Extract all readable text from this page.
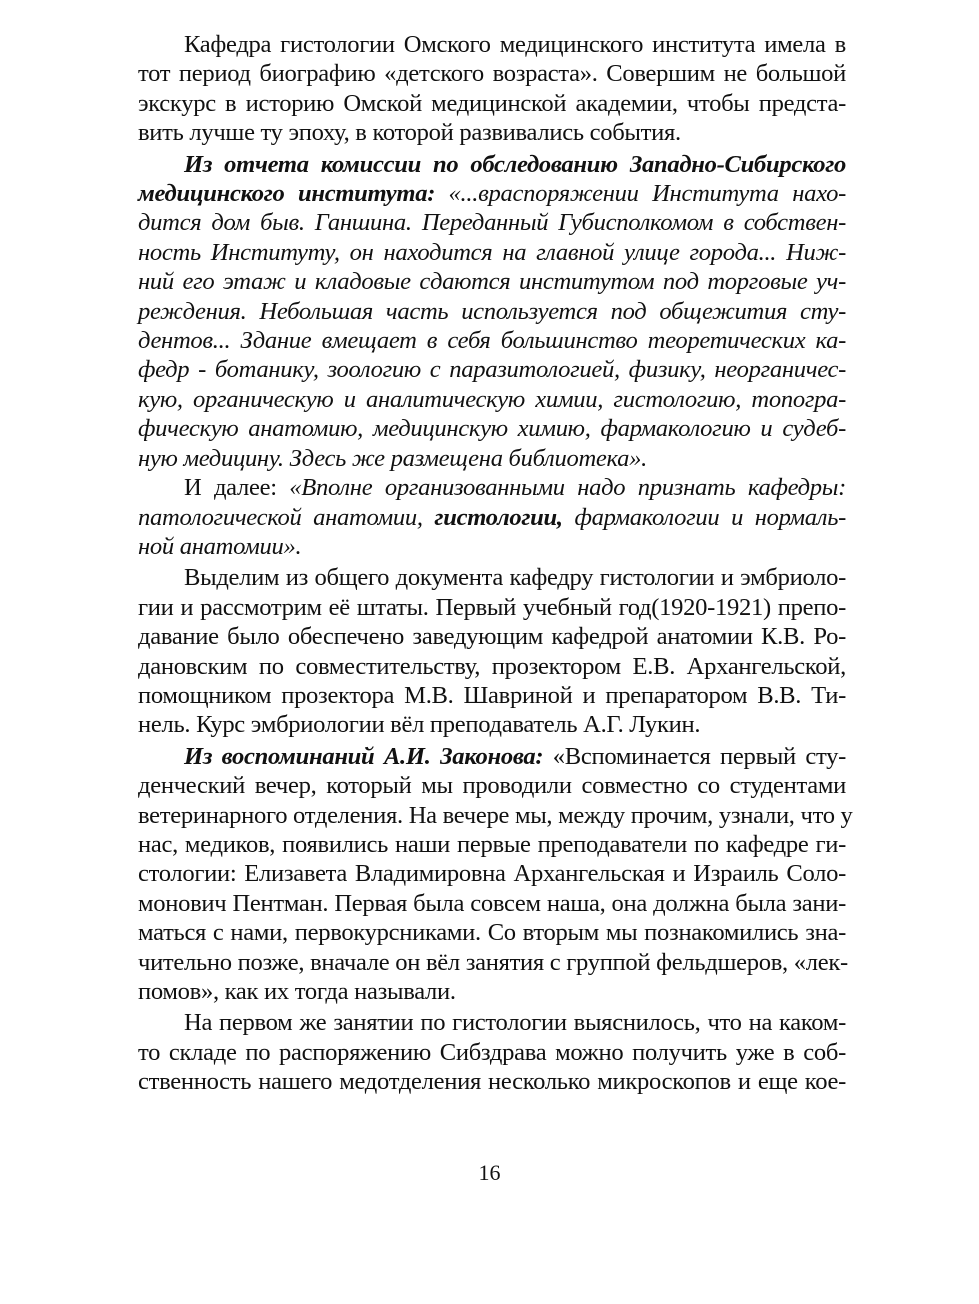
Кафедра гистологии Омского медицинского института имела в
тот период биографию «детского возраста». Совершим не большой
экскурс в историю Омской медицинской академии, чтобы предста-
вить лучше ту эпоху, в которой развивались события.
Из отчета комиссии по обследованию Западно-Сибирского
медицинского института: «...враспоряжении Института нахо-
дится дом быв. Ганшина. Переданный Губисполкомом в собствен-
ность Институту, он находится на главной улице города... Ниж-
ний его этаж и кладовые сдаются институтом под торговые уч-
реждения. Небольшая часть используется под общежития сту-
дентов... Здание вмещает в себя большинство теоретических ка-
федр - ботанику, зоологию с паразитологией, физику, неорганичес-
кую, органическую и аналитическую химии, гистологию, топогра-
фическую анатомию, медицинскую химию, фармакологию и судеб-
ную медицину. Здесь же размещена библиотека».
И далее: «Вполне организованными надо признать кафедры:
патологической анатомии, гистологии, фармакологии и нормаль-
ной анатомии».
Выделим из общего документа кафедру гистологии и эмбриоло-
гии и рассмотрим её штаты. Первый учебный год(1920-1921) препо-
давание было обеспечено заведующим кафедрой анатомии К.В. Ро-
дановским по совместительству, прозектором Е.В. Архангельской,
помощником прозектора М.В. Шавриной и препаратором В.В. Ти-
нель. Курс эмбриологии вёл преподаватель А.Г. Лукин.
Из воспоминаний А.И. Законова: «Вспоминается первый сту-
денческий вечер, который мы проводили совместно со студентами
ветеринарного отделения. На вечере мы, между прочим, узнали, что у
нас, медиков, появились наши первые преподаватели по кафедре ги-
стологии: Елизавета Владимировна Архангельская и Израиль Соло-
монович Пентман. Первая была совсем наша, она должна была зани-
маться с нами, первокурсниками. Со вторым мы познакомились зна-
чительно позже, вначале он вёл занятия с группой фельдшеров, «лек-
помов», как их тогда называли.
На первом же занятии по гистологии выяснилось, что на каком-
то складе по распоряжению Сибздрава можно получить уже в соб-
ственность нашего медотделения несколько микроскопов и еще кое-
16
